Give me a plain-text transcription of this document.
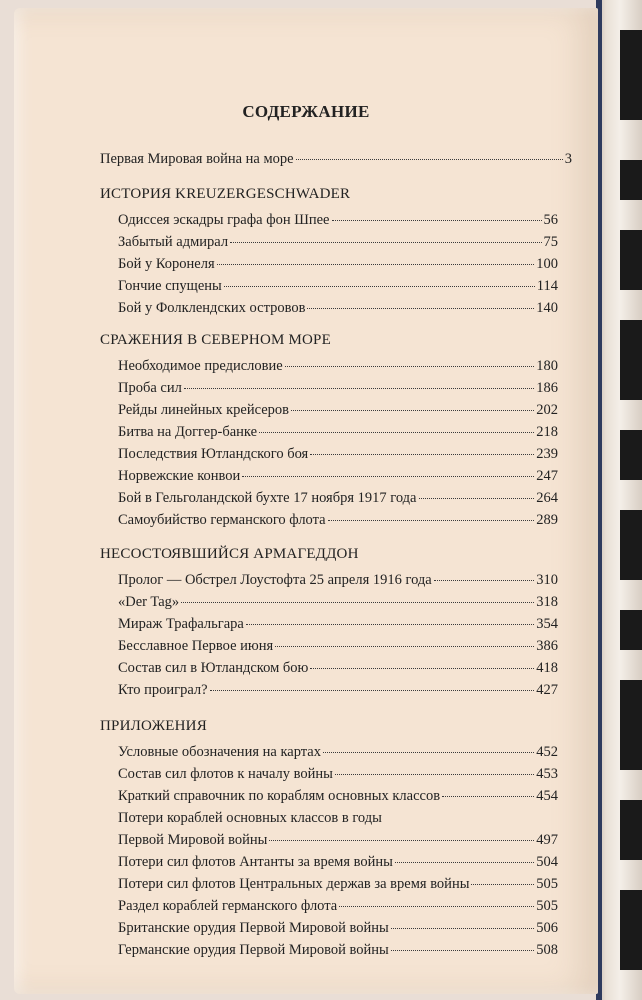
СОДЕРЖАНИЕ
Первая Мировая война на море	3
ИСТОРИЯ KREUZERGESCHWADER
Одиссея эскадры графа фон Шпее	56
Забытый адмирал	75
Бой у Коронеля	100
Гончие спущены	114
Бой у Фолклендских островов	140
СРАЖЕНИЯ В СЕВЕРНОМ МОРЕ
Необходимое предисловие	180
Проба сил	186
Рейды линейных крейсеров	202
Битва на Доггер-банке	218
Последствия Ютландского боя	239
Норвежские конвои	247
Бой в Гельголандской бухте 17 ноября 1917 года	264
Самоубийство германского флота	289
НЕСОСТОЯВШИЙСЯ АРМАГЕДДОН
Пролог — Обстрел Лоустофта 25 апреля 1916 года	310
«Der Tag»	318
Мираж Трафальгара	354
Бесславное Первое июня	386
Состав сил в Ютландском бою	418
Кто проиграл?	427
ПРИЛОЖЕНИЯ
Условные обозначения на картах	452
Состав сил флотов к началу войны	453
Краткий справочник по кораблям основных классов	454
Потери кораблей основных классов в годы
Первой Мировой войны	497
Потери сил флотов Антанты за время войны	504
Потери сил флотов Центральных держав за время войны	505
Раздел кораблей германского флота	505
Британские орудия Первой Мировой войны	506
Германские орудия Первой Мировой войны	508
